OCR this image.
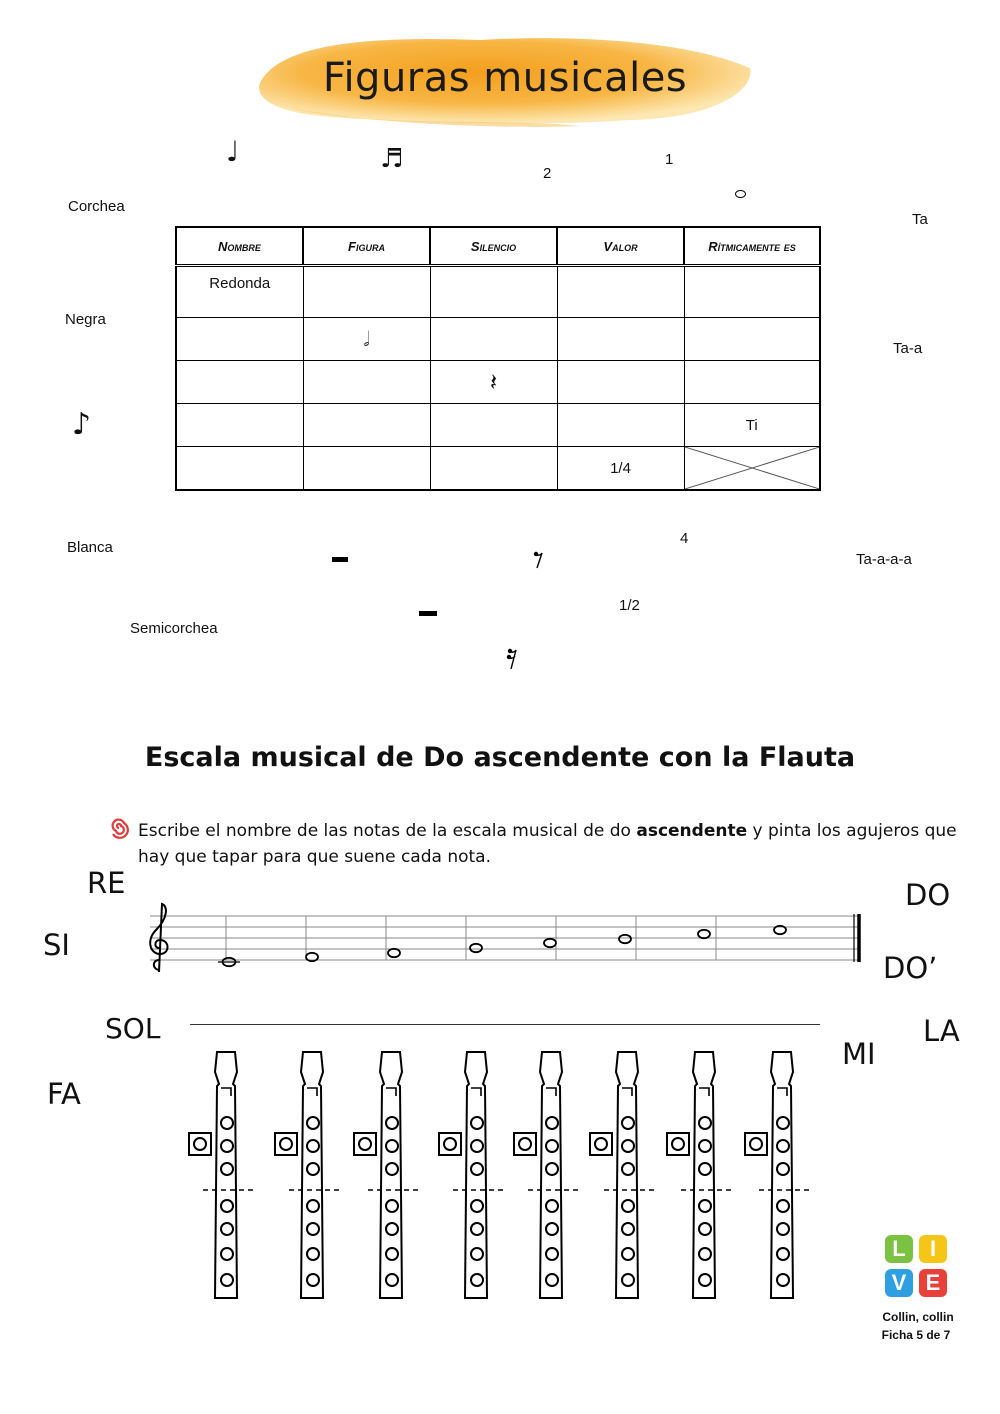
Figuras musicales
♩	♬	2
1
Corchea
Ta
Negra
Ta-a
♪
Nombre	Figura	Silencio	Valor	Rítmicamente es
Redonda				
	𝅗𝅥			
		𝄽		
				Ti
			1/4	
Blanca
4
Ta-a-a-a
1/2
Semicorchea
Escala musical de Do ascendente con la Flauta
Escribe el nombre de las notas de la escala musical de do ascendente y pinta los agujeros que hay que tapar para que suene cada nota.
RE	DO
SI
DO’
SOL	LA
MI
FA
L	I
V E
Collin, collin
Ficha 5 de 7
